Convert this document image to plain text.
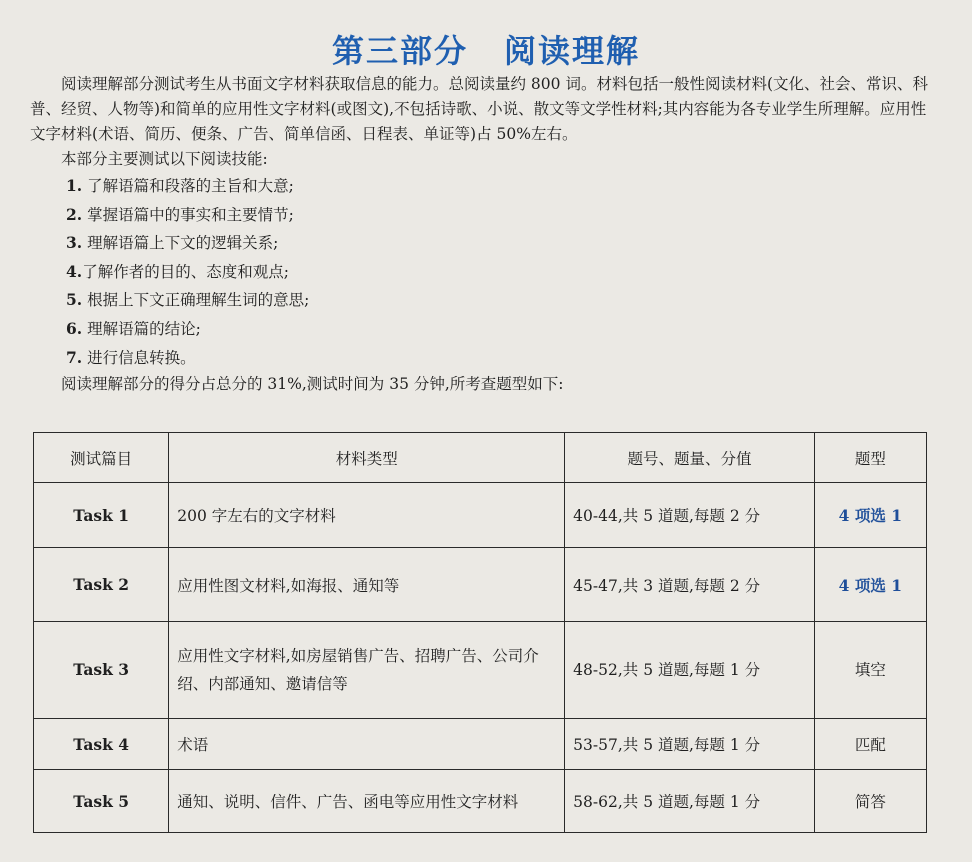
第三部分 阅读理解

阅读理解部分测试考生从书面文字材料获取信息的能力。总阅读量约 800 词。材料包括一般性阅读材料(文化、社会、常识、科普、经贸、人物等)和简单的应用性文字材料(或图文),不包括诗歌、小说、散文等文学性材料;其内容能为各专业学生所理解。应用性文字材料(术语、简历、便条、广告、简单信函、日程表、单证等)占 50%左右。

本部分主要测试以下阅读技能:

1. 了解语篇和段落的主旨和大意;
2. 掌握语篇中的事实和主要情节;
3. 理解语篇上下文的逻辑关系;
4.了解作者的目的、态度和观点;
5. 根据上下文正确理解生词的意思;
6. 理解语篇的结论;
7. 进行信息转换。

阅读理解部分的得分占总分的 31%,测试时间为 35 分钟,所考查题型如下:

测试篇目	材料类型	题号、题量、分值	题型
Task 1	200 字左右的文字材料	40-44,共 5 道题,每题 2 分	4 项选 1
Task 2	应用性图文材料,如海报、通知等	45-47,共 3 道题,每题 2 分	4 项选 1
Task 3	应用性文字材料,如房屋销售广告、招聘广告、公司介绍、内部通知、邀请信等	48-52,共 5 道题,每题 1 分	填空
Task 4	术语	53-57,共 5 道题,每题 1 分	匹配
Task 5	通知、说明、信件、广告、函电等应用性文字材料	58-62,共 5 道题,每题 1 分	简答
